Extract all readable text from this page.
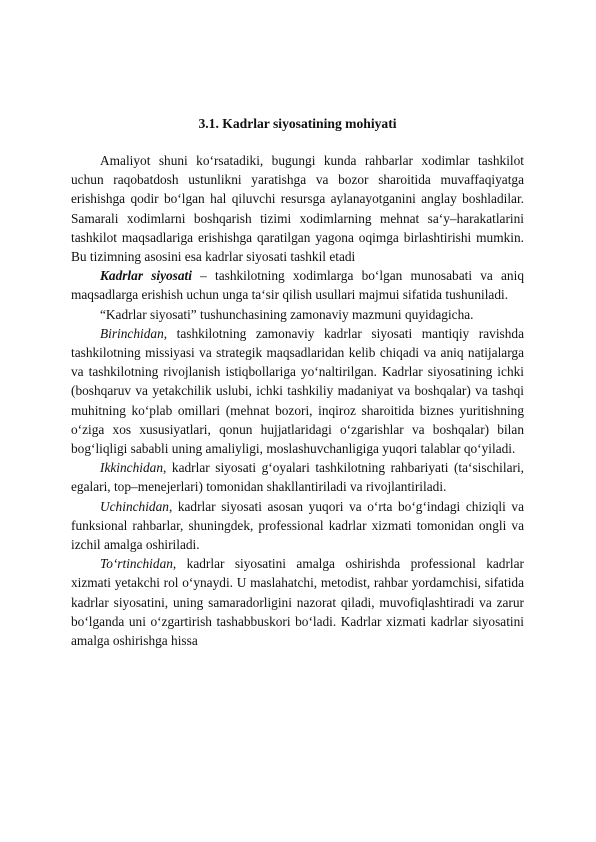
3.1. Kadrlar siyosatining mohiyati

Amaliyot shuni ko‘rsatadiki, bugungi kunda rahbarlar xodimlar tashkilot uchun raqobatdosh ustunlikni yaratishga va bozor sharoitida muvaffaqiyatga erishishga qodir bo‘lgan hal qiluvchi resursga aylanayotganini anglay boshladilar. Samarali xodimlarni boshqarish tizimi xodimlarning mehnat sa‘y–harakatlarini tashkilot maqsadlariga erishishga qaratilgan yagona oqimga birlashtirishi mumkin. Bu tizimning asosini esa kadrlar siyosati tashkil etadi

Kadrlar siyosati – tashkilotning xodimlarga bo‘lgan munosabati va aniq maqsadlarga erishish uchun unga ta‘sir qilish usullari majmui sifatida tushuniladi.

“Kadrlar siyosati” tushunchasining zamonaviy mazmuni quyidagicha.

Birinchidan, tashkilotning zamonaviy kadrlar siyosati mantiqiy ravishda tashkilotning missiyasi va strategik maqsadlaridan kelib chiqadi va aniq natijalarga va tashkilotning rivojlanish istiqbollariga yo‘naltirilgan. Kadrlar siyosatining ichki (boshqaruv va yetakchilik uslubi, ichki tashkiliy madaniyat va boshqalar) va tashqi muhitning ko‘plab omillari (mehnat bozori, inqiroz sharoitida biznes yuritishning o‘ziga xos xususiyatlari, qonun hujjatlaridagi o‘zgarishlar va boshqalar) bilan bog‘liqligi sababli uning amaliyligi, moslashuvchanligiga yuqori talablar qo‘yiladi.

Ikkinchidan, kadrlar siyosati g‘oyalari tashkilotning rahbariyati (ta‘sischilari, egalari, top–menejerlari) tomonidan shakllantiriladi va rivojlantiriladi.

Uchinchidan, kadrlar siyosati asosan yuqori va o‘rta bo‘g‘indagi chiziqli va funksional rahbarlar, shuningdek, professional kadrlar xizmati tomonidan ongli va izchil amalga oshiriladi.

To‘rtinchidan, kadrlar siyosatini amalga oshirishda professional kadrlar xizmati yetakchi rol o‘ynaydi. U maslahatchi, metodist, rahbar yordamchisi, sifatida kadrlar siyosatini, uning samaradorligini nazorat qiladi, muvofiqlashtiradi va zarur bo‘lganda uni o‘zgartirish tashabbuskori bo‘ladi. Kadrlar xizmati kadrlar siyosatini amalga oshirishga hissa
